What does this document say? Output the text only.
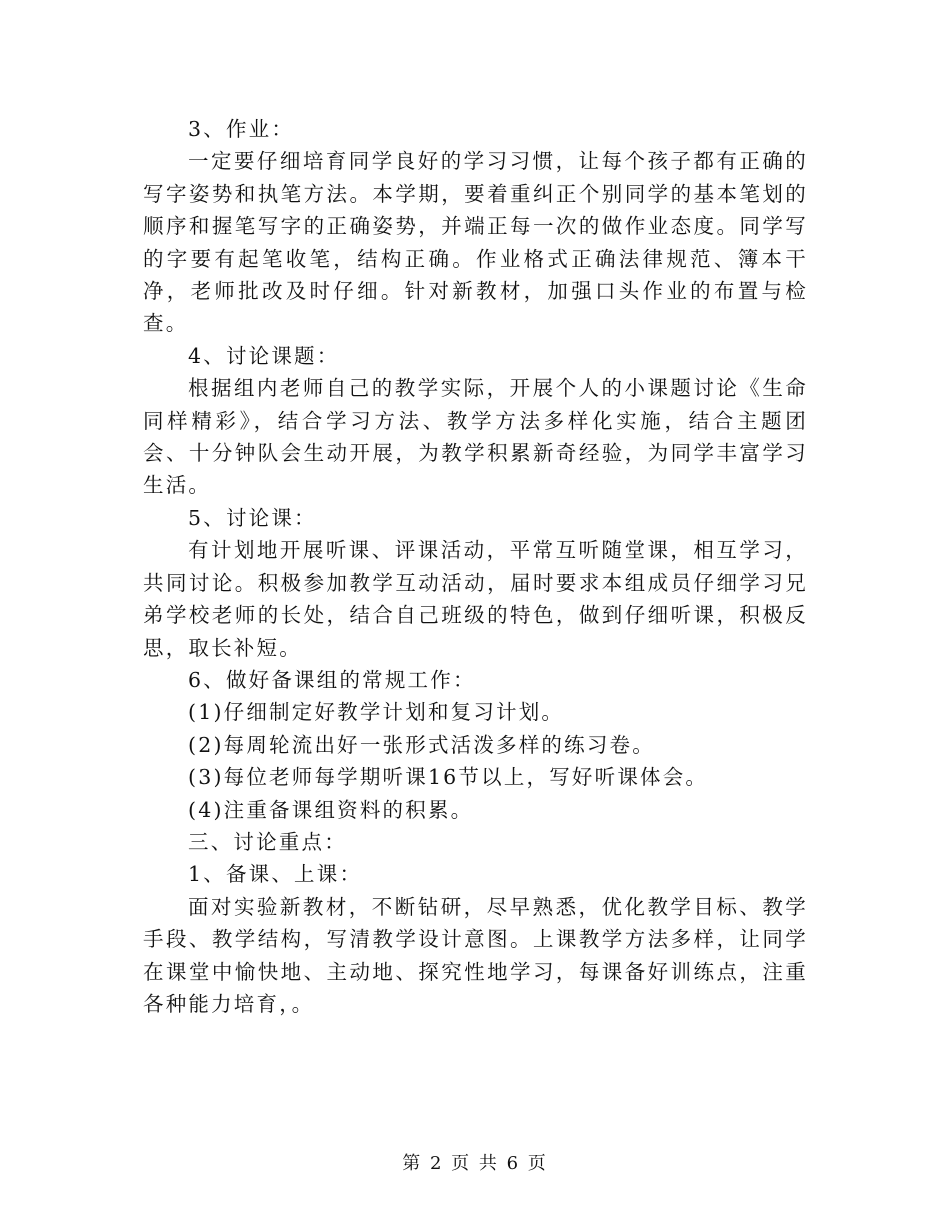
3、作业：

一定要仔细培育同学良好的学习习惯，让每个孩子都有正确的写字姿势和执笔方法。本学期，要着重纠正个别同学的基本笔划的顺序和握笔写字的正确姿势，并端正每一次的做作业态度。同学写的字要有起笔收笔，结构正确。作业格式正确法律规范、簿本干净，老师批改及时仔细。针对新教材，加强口头作业的布置与检查。

4、讨论课题：

根据组内老师自己的教学实际，开展个人的小课题讨论《生命同样精彩》，结合学习方法、教学方法多样化实施，结合主题团会、十分钟队会生动开展，为教学积累新奇经验，为同学丰富学习生活。

5、讨论课：

有计划地开展听课、评课活动，平常互听随堂课，相互学习，共同讨论。积极参加教学互动活动，届时要求本组成员仔细学习兄弟学校老师的长处，结合自己班级的特色，做到仔细听课，积极反思，取长补短。

6、做好备课组的常规工作：

(1)仔细制定好教学计划和复习计划。

(2)每周轮流出好一张形式活泼多样的练习卷。

(3)每位老师每学期听课16节以上，写好听课体会。

(4)注重备课组资料的积累。

三、讨论重点：

1、备课、上课：

面对实验新教材，不断钻研，尽早熟悉，优化教学目标、教学手段、教学结构，写清教学设计意图。上课教学方法多样，让同学在课堂中愉快地、主动地、探究性地学习，每课备好训练点，注重各种能力培育，。

第 2 页 共 6 页
